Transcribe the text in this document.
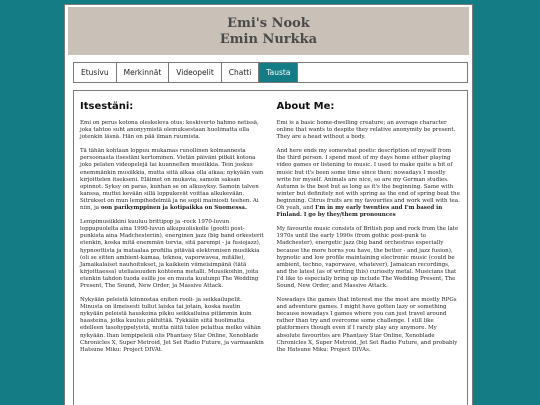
Emi's Nook
Emin Nurkka
Etusivu	Merkinnät	Videopelit	Chatti	Tausta
Itsestäni:

Emi on perus kotona oleskeleva otus; keskiverto hahmo netissä, joka tahtoo suht anonyymistä olemuksestaan huolimatta olla jotenkin läsnä. Hän on pää ilman ruumista.

Tä tähän kohtaan loppuu mukamas runollinen kolmannesta persoonasta itsestäni kertominen. Vietän päiväni pitkät kotona joko pelaten videopelejä tai kuunnellen musiikkia. Tein joskus enemmänkin musiikkia, mutta siitä alkaa olla aikaa; nykyään vain kirjoittelen itsekseni. Eläimet on mukavia, samoin saksan opinnot. Syksy on paras, kunhan se on alkusyksy. Samoin talven kanssa, muttei kevään sillä loppukevät voittaa alkukevään. Sitrukset on mun lempihedelmiä ja ne sopii mainiosti teehen. Ai niin, ja oon parikymppinen ja kotipaikka on Suomessa.

Lempimusiikkini kuuluu brittipop ja -rock 1970-luvun loppupuolelta aina 1990-luvun alkupuoliskolle (gootti post-punkista aina Madchesteriin), energinen jazz (big band orkesterit etenkin, koska mitä enemmän torvia, sitä parempi - ja fusiojazz), hypnoottista ja mataalaa profiilia pitävää elektronisen musiikkia (oli se sitten ambient-kamaa, teknoa, vaporwavea, mitälie), Jamaikalaiset nauhoitukset, ja kaikkein viimeisimpänä (tätä kirjoittaessa) uteliaisuuden kohteena metalli. Muusikoihin, joita etenkin tahdon tuoda esille jos en muuta kuulunpi The Wedding Present, The Sound, New Order, ja Massive Attack.

Nykyään peleistä kiinnostaa eniten rooli- ja seikkailupelit. Minusta on ilmeisesti tullut laiska tai jotain, koska nautin nykyään peleistä hauskoina pikku seikkailuina pitämmin kuin haasteina, jotka kuuluu päihittää. Tykkään siitä huolimatta edelleen tasohyppelyistä, mutta niitä tulee pelattua melko vähän nykyään. Ihan lempipeleiä olis Phantasy Star Online, Xenoblade Chronicles X, Super Metroid, Jet Set Radio Future, ja varmaankin Hatsune Miku: Project DIVAt.

About Me:

Emi is a basic home-dwelling creature; an average character online that wants to despite they relative anonymity be present. They are a head without a body.

And here ends my somewhat poetic description of myself from the third person. I spend most of my days home either playing video games or listening to music. I used to make quite a bit of music but it's been some time since then; nowadays I mostly write for myself. Animals are nice, so are my German studies. Autumn is the best but as long as it's the beginning. Same with winter but definitely not with spring as the end of spring beat the beginning. Citrus fruits are my favourites and work well with tea. Oh yeah, and I'm in my early twenties and I'm based in Finland. I go by they/them pronounces

My favourite music consists of British pop and rock from the late 1970s until the early 1990s (from gothic post-punk to Madchester), energetic jazz (big band orchestras especially because the more horns you have, the better - and jazz fusion), hypnotic and low profile maintaining electronic music (could be ambient, techno, vaporwave, whatever), Jamaican recordings, and the latest (as of writing this) curiosity metal. Musicians that I'd like to especially bring up include The Wedding Present, The Sound, New Order, and Massive Attack.

Nowadays the games that interest me the most are mostly RPGs and adventure games. I might have gotten lazy or something because nowadays I games where you can just travel around rather than try and overcome some challenge. I still like platformers though even if I rarely play any anymore. My absolute favourites are Phantasy Star Online, Xenoblade Chronicles X, Super Metroid, Jet Set Radio Future, and probably the Hatsune Miku: Project DIVAs.
